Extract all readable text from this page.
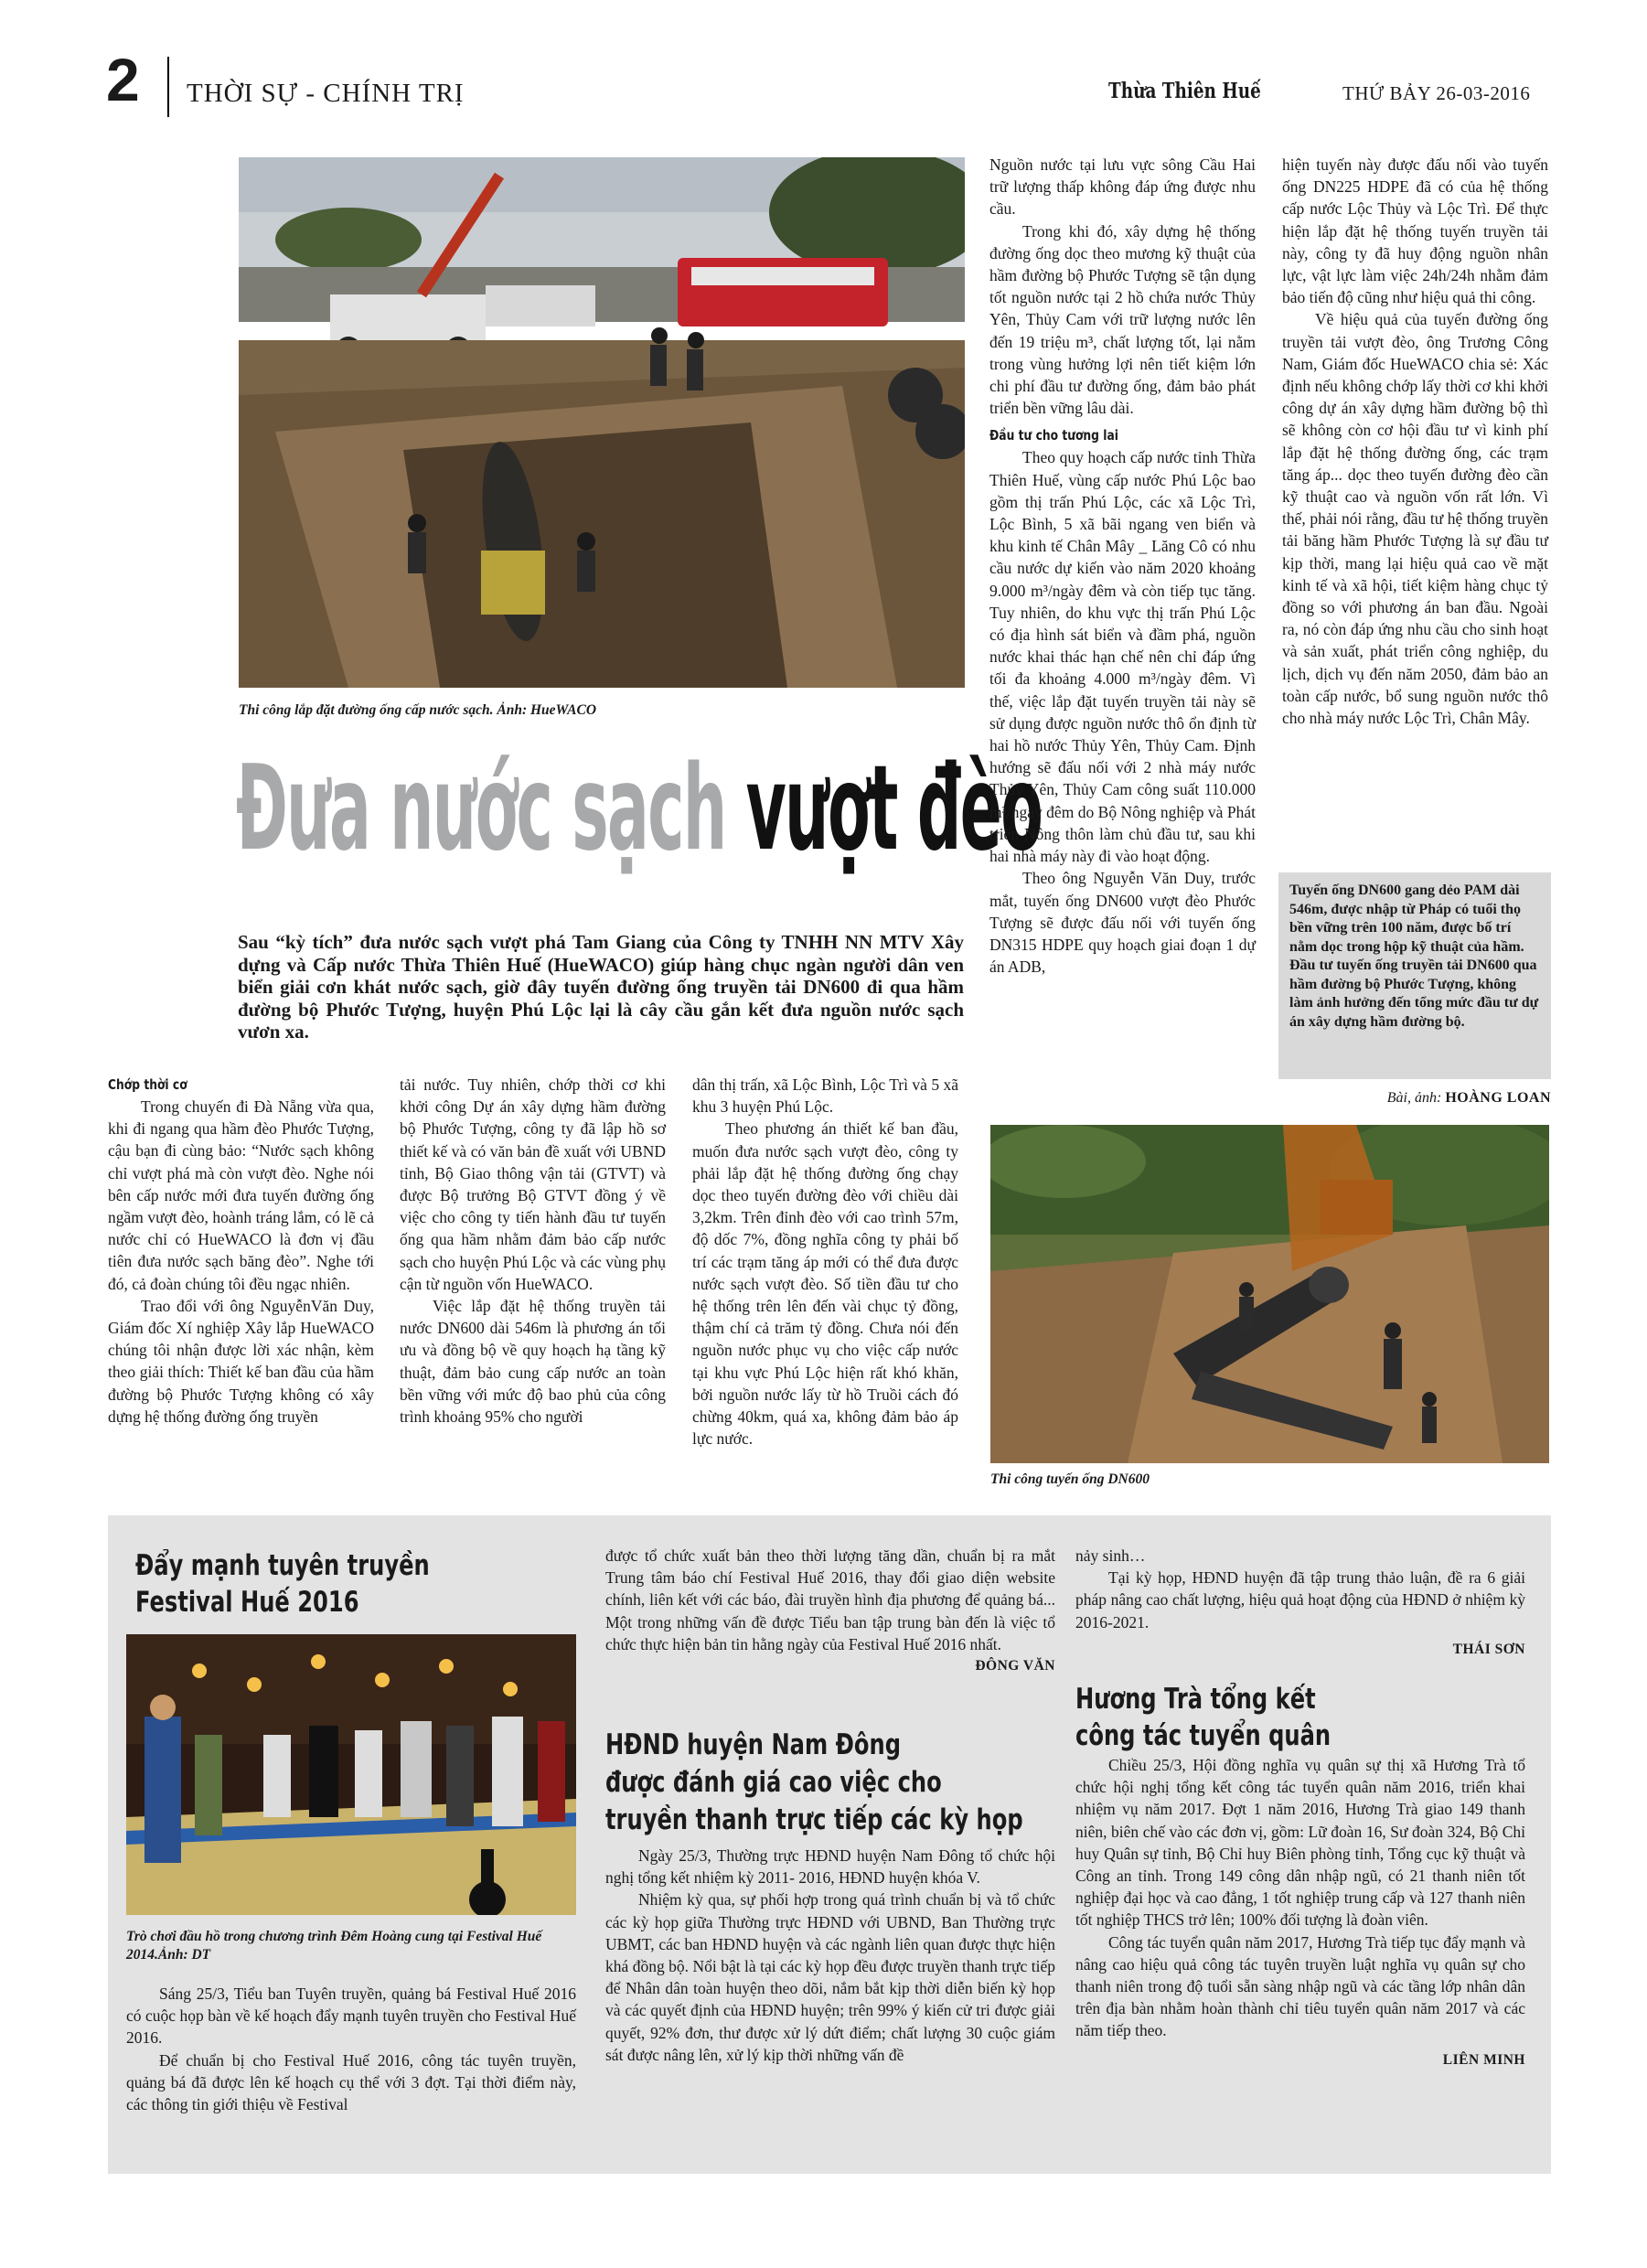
2 THỜI SỰ - CHÍNH TRỊ	Thừa Thiên Huế	THỨ BẢY 26-03-2016
Thi công lắp đặt đường ống cấp nước sạch. Ảnh: HueWACO
Đưa nước sạch vượt đèo
Sau “kỳ tích” đưa nước sạch vượt phá Tam Giang của Công ty TNHH NN MTV Xây dựng và Cấp nước Thừa Thiên Huế (HueWACO) giúp hàng chục ngàn người dân ven biển giải cơn khát nước sạch, giờ đây tuyến đường ống truyền tải DN600 đi qua hầm đường bộ Phước Tượng, huyện Phú Lộc lại là cây cầu gắn kết đưa nguồn nước sạch vươn xa.
Chớp thời cơ

Trong chuyến đi Đà Nẵng vừa qua, khi đi ngang qua hầm đèo Phước Tượng, cậu bạn đi cùng bảo: “Nước sạch không chỉ vượt phá mà còn vượt đèo. Nghe nói bên cấp nước mới đưa tuyến đường ống ngầm vượt đèo, hoành tráng lắm, có lẽ cả nước chỉ có HueWACO là đơn vị đầu tiên đưa nước sạch băng đèo”. Nghe tới đó, cả đoàn chúng tôi đều ngạc nhiên.

Trao đổi với ông NguyễnVăn Duy, Giám đốc Xí nghiệp Xây lắp HueWACO chúng tôi nhận được lời xác nhận, kèm theo giải thích: Thiết kế ban đầu của hầm đường bộ Phước Tượng không có xây dựng hệ thống đường ống truyền

tải nước. Tuy nhiên, chớp thời cơ khi khởi công Dự án xây dựng hầm đường bộ Phước Tượng, công ty đã lập hồ sơ thiết kế và có văn bản đề xuất với UBND tỉnh, Bộ Giao thông vận tải (GTVT) và được Bộ trưởng Bộ GTVT đồng ý về việc cho công ty tiến hành đầu tư tuyến ống qua hầm nhằm đảm bảo cấp nước sạch cho huyện Phú Lộc và các vùng phụ cận từ nguồn vốn HueWACO.

Việc lắp đặt hệ thống truyền tải nước DN600 dài 546m là phương án tối ưu và đồng bộ về quy hoạch hạ tầng kỹ thuật, đảm bảo cung cấp nước an toàn bền vững với mức độ bao phủ của công trình khoảng 95% cho người

dân thị trấn, xã Lộc Bình, Lộc Trì và 5 xã khu 3 huyện Phú Lộc.

Theo phương án thiết kế ban đầu, muốn đưa nước sạch vượt đèo, công ty phải lắp đặt hệ thống đường ống chạy dọc theo tuyến đường đèo với chiều dài 3,2km. Trên đỉnh đèo với cao trình 57m, độ dốc 7%, đồng nghĩa công ty phải bố trí các trạm tăng áp mới có thể đưa được nước sạch vượt đèo. Số tiền đầu tư cho hệ thống trên lên đến vài chục tỷ đồng, thậm chí cả trăm tỷ đồng. Chưa nói đến nguồn nước phục vụ cho việc cấp nước tại khu vực Phú Lộc hiện rất khó khăn, bởi nguồn nước lấy từ hồ Truồi cách đó chừng 40km, quá xa, không đảm bảo áp lực nước.

Nguồn nước tại lưu vực sông Cầu Hai trữ lượng thấp không đáp ứng được nhu cầu.

Trong khi đó, xây dựng hệ thống đường ống dọc theo mương kỹ thuật của hầm đường bộ Phước Tượng sẽ tận dụng tốt nguồn nước tại 2 hồ chứa nước Thủy Yên, Thủy Cam với trữ lượng nước lên đến 19 triệu m³, chất lượng tốt, lại nằm trong vùng hưởng lợi nên tiết kiệm lớn chi phí đầu tư đường ống, đảm bảo phát triển bền vững lâu dài.

Đầu tư cho tương lai

Theo quy hoạch cấp nước tỉnh Thừa Thiên Huế, vùng cấp nước Phú Lộc bao gồm thị trấn Phú Lộc, các xã Lộc Trì, Lộc Bình, 5 xã bãi ngang ven biển và khu kinh tế Chân Mây _ Lăng Cô có nhu cầu nước dự kiến vào năm 2020 khoảng 9.000 m³/ngày đêm và còn tiếp tục tăng. Tuy nhiên, do khu vực thị trấn Phú Lộc có địa hình sát biển và đầm phá, nguồn nước khai thác hạn chế nên chỉ đáp ứng tối đa khoảng 4.000 m³/ngày đêm. Vì thế, việc lắp đặt tuyến truyền tải này sẽ sử dụng được nguồn nước thô ổn định từ hai hồ nước Thủy Yên, Thủy Cam. Định hướng sẽ đấu nối với 2 nhà máy nước Thủy Yên, Thủy Cam công suất 110.000 m³/ngày đêm do Bộ Nông nghiệp và Phát triển Nông thôn làm chủ đầu tư, sau khi hai nhà máy này đi vào hoạt động.

Theo ông Nguyễn Văn Duy, trước mắt, tuyến ống DN600 vượt đèo Phước Tượng sẽ được đấu nối với tuyến ống DN315 HDPE quy hoạch giai đoạn 1 dự án ADB,

hiện tuyến này được đấu nối vào tuyến ống DN225 HDPE đã có của hệ thống cấp nước Lộc Thủy và Lộc Trì. Để thực hiện lắp đặt hệ thống tuyến truyền tải này, công ty đã huy động nguồn nhân lực, vật lực làm việc 24h/24h nhằm đảm bảo tiến độ cũng như hiệu quả thi công.

Về hiệu quả của tuyến đường ống truyền tải vượt đèo, ông Trương Công Nam, Giám đốc HueWACO chia sẻ: Xác định nếu không chớp lấy thời cơ khi khởi công dự án xây dựng hầm đường bộ thì sẽ không còn cơ hội đầu tư vì kinh phí lắp đặt hệ thống đường ống, các trạm tăng áp... dọc theo tuyến đường đèo cần kỹ thuật cao và nguồn vốn rất lớn. Vì thế, phải nói rằng, đầu tư hệ thống truyền tải băng hầm Phước Tượng là sự đầu tư kịp thời, mang lại hiệu quả cao về mặt kinh tế và xã hội, tiết kiệm hàng chục tỷ đồng so với phương án ban đầu. Ngoài ra, nó còn đáp ứng nhu cầu cho sinh hoạt và sản xuất, phát triển công nghiệp, du lịch, dịch vụ đến năm 2050, đảm bảo an toàn cấp nước, bổ sung nguồn nước thô cho nhà máy nước Lộc Trì, Chân Mây.

Tuyến ống DN600 gang dẻo PAM dài 546m, được nhập từ Pháp có tuổi thọ bền vững trên 100 năm, được bố trí nằm dọc trong hộp kỹ thuật của hầm. Đầu tư tuyến ống truyền tải DN600 qua hầm đường bộ Phước Tượng, không làm ảnh hưởng đến tổng mức đầu tư dự án xây dựng hầm đường bộ.
Bài, ảnh: HOÀNG LOAN
Thi công tuyến ống DN600
Đẩy mạnh tuyên truyền
Festival Huế 2016
Trò chơi đầu hồ trong chương trình Đêm Hoàng cung tại Festival Huế 2014.Ảnh: DT

Sáng 25/3, Tiểu ban Tuyên truyền, quảng bá Festival Huế 2016 có cuộc họp bàn về kế hoạch đẩy mạnh tuyên truyền cho Festival Huế 2016.

Để chuẩn bị cho Festival Huế 2016, công tác tuyên truyền, quảng bá đã được lên kế hoạch cụ thể với 3 đợt. Tại thời điểm này, các thông tin giới thiệu về Festival

được tổ chức xuất bản theo thời lượng tăng dần, chuẩn bị ra mắt Trung tâm báo chí Festival Huế 2016, thay đổi giao diện website chính, liên kết với các báo, đài truyền hình địa phương để quảng bá... Một trong những vấn đề được Tiểu ban tập trung bàn đến là việc tổ chức thực hiện bản tin hằng ngày của Festival Huế 2016 nhất.

ĐÔNG VĂN
HĐND huyện Nam Đông
được đánh giá cao việc cho
truyền thanh trực tiếp các kỳ họp

Ngày 25/3, Thường trực HĐND huyện Nam Đông tổ chức hội nghị tổng kết nhiệm kỳ 2011- 2016, HĐND huyện khóa V.

Nhiệm kỳ qua, sự phối hợp trong quá trình chuẩn bị và tổ chức các kỳ họp giữa Thường trực HĐND với UBND, Ban Thường trực UBMT, các ban HĐND huyện và các ngành liên quan được thực hiện khá đồng bộ. Nổi bật là tại các kỳ họp đều được truyền thanh trực tiếp để Nhân dân toàn huyện theo dõi, nắm bắt kịp thời diễn biến kỳ họp và các quyết định của HĐND huyện; trên 99% ý kiến cử tri được giải quyết, 92% đơn, thư được xử lý dứt điểm; chất lượng 30 cuộc giám sát được nâng lên, xử lý kịp thời những vấn đề

nảy sinh…

Tại kỳ họp, HĐND huyện đã tập trung thảo luận, đề ra 6 giải pháp nâng cao chất lượng, hiệu quả hoạt động của HĐND ở nhiệm kỳ 2016-2021.

THÁI SƠN
Hương Trà tổng kết
công tác tuyển quân

Chiều 25/3, Hội đồng nghĩa vụ quân sự thị xã Hương Trà tổ chức hội nghị tổng kết công tác tuyển quân năm 2016, triển khai nhiệm vụ năm 2017. Đợt 1 năm 2016, Hương Trà giao 149 thanh niên, biên chế vào các đơn vị, gồm: Lữ đoàn 16, Sư đoàn 324, Bộ Chỉ huy Quân sự tỉnh, Bộ Chỉ huy Biên phòng tỉnh, Tổng cục kỹ thuật và Công an tỉnh. Trong 149 công dân nhập ngũ, có 21 thanh niên tốt nghiệp đại học và cao đẳng, 1 tốt nghiệp trung cấp và 127 thanh niên tốt nghiệp THCS trở lên; 100% đối tượng là đoàn viên.

Công tác tuyển quân năm 2017, Hương Trà tiếp tục đẩy mạnh và nâng cao hiệu quả công tác tuyên truyền luật nghĩa vụ quân sự cho thanh niên trong độ tuổi sẵn sàng nhập ngũ và các tầng lớp nhân dân trên địa bàn nhằm hoàn thành chỉ tiêu tuyển quân năm 2017 và các năm tiếp theo.

LIÊN MINH
